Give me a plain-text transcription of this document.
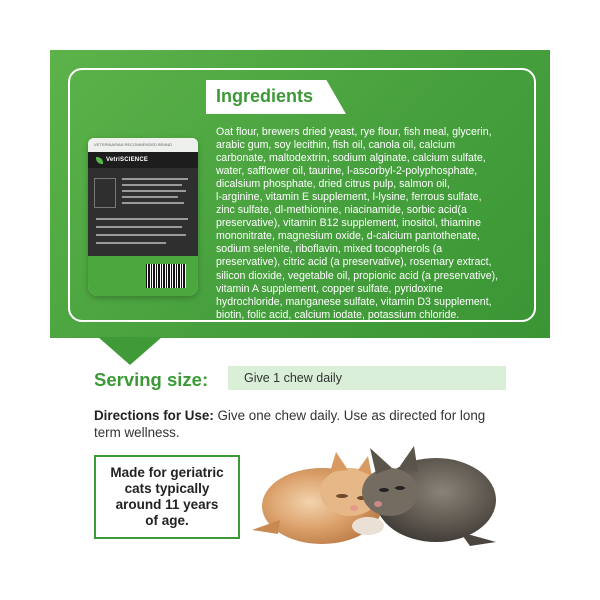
VETERINARIAN RECOMMENDED BRAND
VetriSCIENCE
Ingredients
Oat flour, brewers dried yeast, rye flour, fish meal, glycerin,
arabic gum, soy lecithin, fish oil, canola oil, calcium
carbonate, maltodextrin, sodium alginate, calcium sulfate,
water, safflower oil, taurine, l-ascorbyl-2-polyphosphate,
dicalsium phosphate, dried citrus pulp, salmon oil,
l-arginine, vitamin E supplement, l-lysine, ferrous sulfate,
zinc sulfate, dl-methionine, niacinamide, sorbic acid(a
preservative), vitamin B12 supplement, inositol, thiamine
mononitrate, magnesium oxide, d-calcium pantothenate,
sodium selenite, riboflavin, mixed tocopherols (a
preservative), citric acid (a preservative), rosemary extract,
silicon dioxide, vegetable oil, propionic acid (a preservative),
vitamin A supplement, copper sulfate, pyridoxine
hydrochloride, manganese sulfate, vitamin D3 supplement,
biotin, folic acid, calcium iodate, potassium chloride.
Serving size:	Give 1 chew daily
Directions for Use: Give one chew daily. Use as directed for long term wellness.
Made for geriatric
cats typically
around 11 years
of age.
